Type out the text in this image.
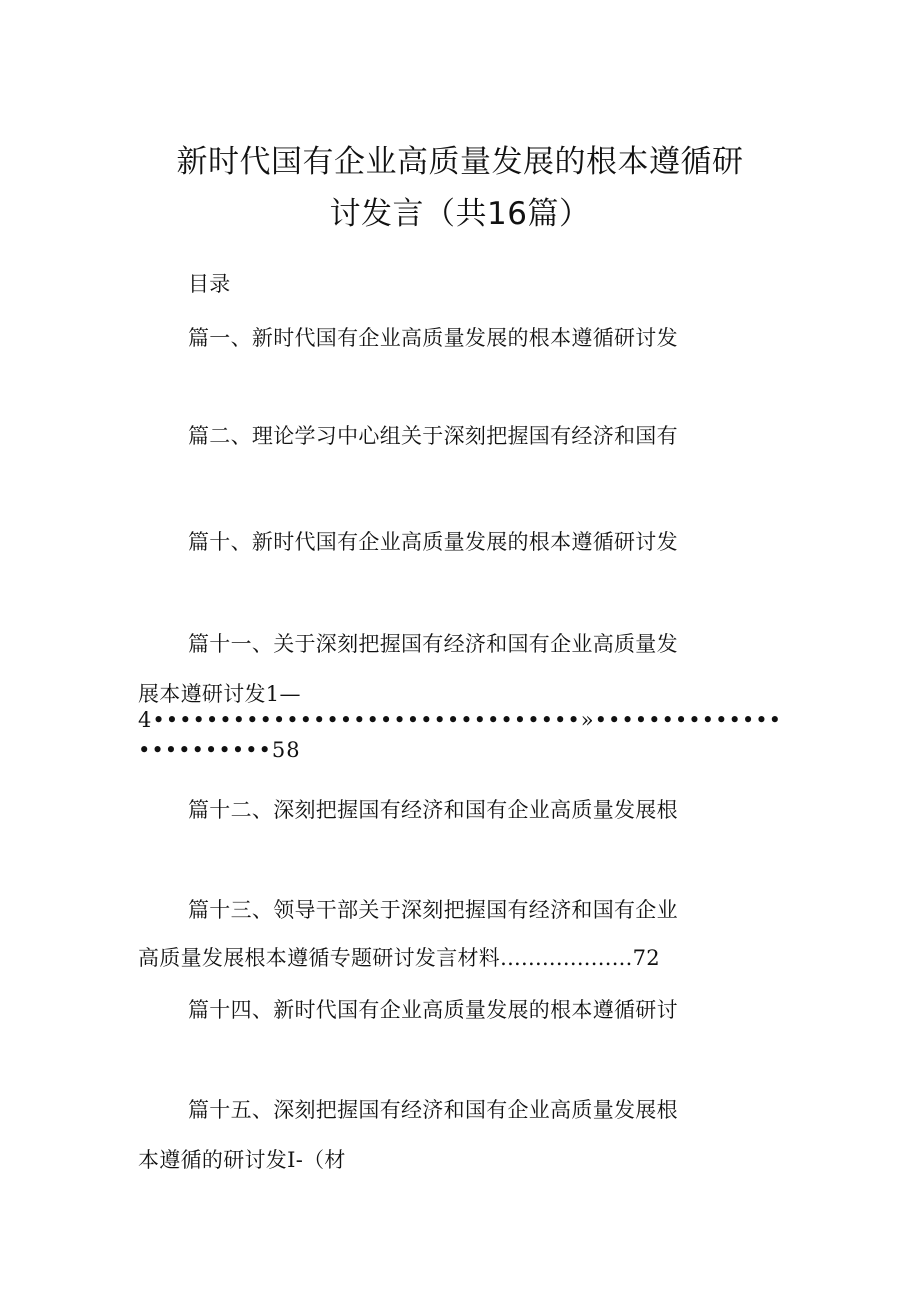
新时代国有企业高质量发展的根本遵循研
讨发言（共16篇）
目录
篇一、新时代国有企业高质量发展的根本遵循研讨发
篇二、理论学习中心组关于深刻把握国有经济和国有
篇十、新时代国有企业高质量发展的根本遵循研讨发
篇十一、关于深刻把握国有经济和国有企业高质量发
展本遵研讨发1—
4••••••••••••••••••••••••••••••••»••••••••••••••
••••••••••58
篇十二、深刻把握国有经济和国有企业高质量发展根
篇十三、领导干部关于深刻把握国有经济和国有企业
高质量发展根本遵循专题研讨发言材料...................72
篇十四、新时代国有企业高质量发展的根本遵循研讨
篇十五、深刻把握国有经济和国有企业高质量发展根
本遵循的研讨发I-（材
